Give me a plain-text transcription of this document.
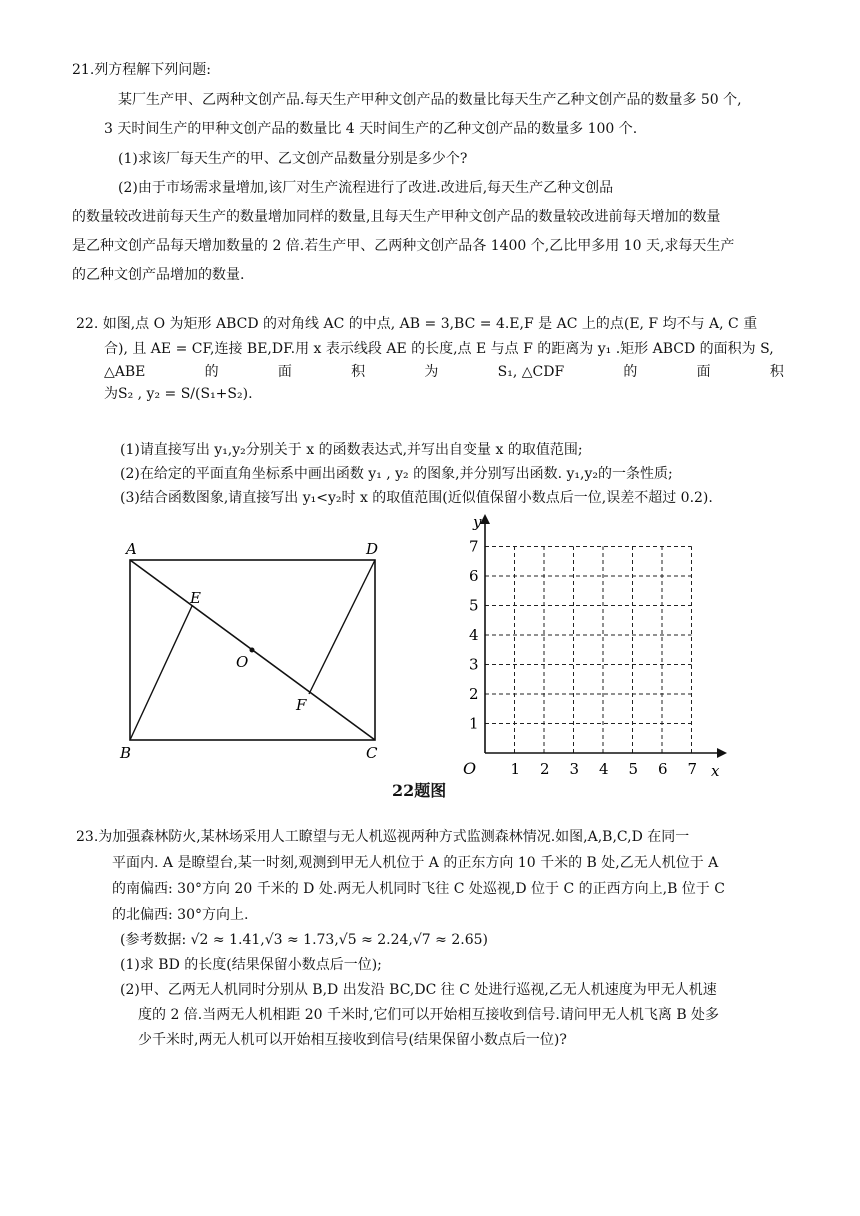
21.列方程解下列问题:
某厂生产甲、乙两种文创产品.每天生产甲种文创产品的数量比每天生产乙种文创产品的数量多 50 个,
3 天时间生产的甲种文创产品的数量比 4 天时间生产的乙种文创产品的数量多 100 个.
(1)求该厂每天生产的甲、乙文创产品数量分别是多少个?
(2)由于市场需求量增加,该厂对生产流程进行了改进.改进后,每天生产乙种文创品
的数量较改进前每天生产的数量增加同样的数量,且每天生产甲种文创产品的数量较改进前每天增加的数量
是乙种文创产品每天增加数量的 2 倍.若生产甲、乙两种文创产品各 1400 个,乙比甲多用 10 天,求每天生产
的乙种文创产品增加的数量.
22. 如图,点 O 为矩形 ABCD 的对角线 AC 的中点, AB = 3,BC = 4.E,F 是 AC 上的点(E, F 均不与 A, C 重
合), 且 AE = CF,连接 BE,DF.用 x 表示线段 AE 的长度,点 E 与点 F 的距离为 y₁ .矩形 ABCD 的面积为 S,
△ABE	的	面	积	为	S₁, △CDF	的	面	积
为S₂ , y₂ = S/(S₁+S₂).
(1)请直接写出 y₁,y₂分别关于 x 的函数表达式,并写出自变量 x 的取值范围;
(2)在给定的平面直角坐标系中画出函数 y₁ , y₂ 的图象,并分别写出函数. y₁,y₂的一条性质;
(3)结合函数图象,请直接写出 y₁<y₂时 x 的取值范围(近似值保留小数点后一位,误差不超过 0.2).
A	D
B	C
E
F
O
1 2 3 4 5 6 7
1
2
3
4
5
6
7
O	x
y
22题图
23.为加强森林防火,某林场采用人工瞭望与无人机巡视两种方式监测森林情况.如图,A,B,C,D 在同一
平面内. A 是瞭望台,某一时刻,观测到甲无人机位于 A 的正东方向 10 千米的 B 处,乙无人机位于 A
的南偏西: 30°方向 20 千米的 D 处.两无人机同时飞往 C 处巡视,D 位于 C 的正西方向上,B 位于 C
的北偏西: 30°方向上.
(参考数据: √2 ≈ 1.41,√3 ≈ 1.73,√5 ≈ 2.24,√7 ≈ 2.65)
(1)求 BD 的长度(结果保留小数点后一位);
(2)甲、乙两无人机同时分别从 B,D 出发沿 BC,DC 往 C 处进行巡视,乙无人机速度为甲无人机速
度的 2 倍.当两无人机相距 20 千米时,它们可以开始相互接收到信号.请问甲无人机飞离 B 处多
少千米时,两无人机可以开始相互接收到信号(结果保留小数点后一位)?
